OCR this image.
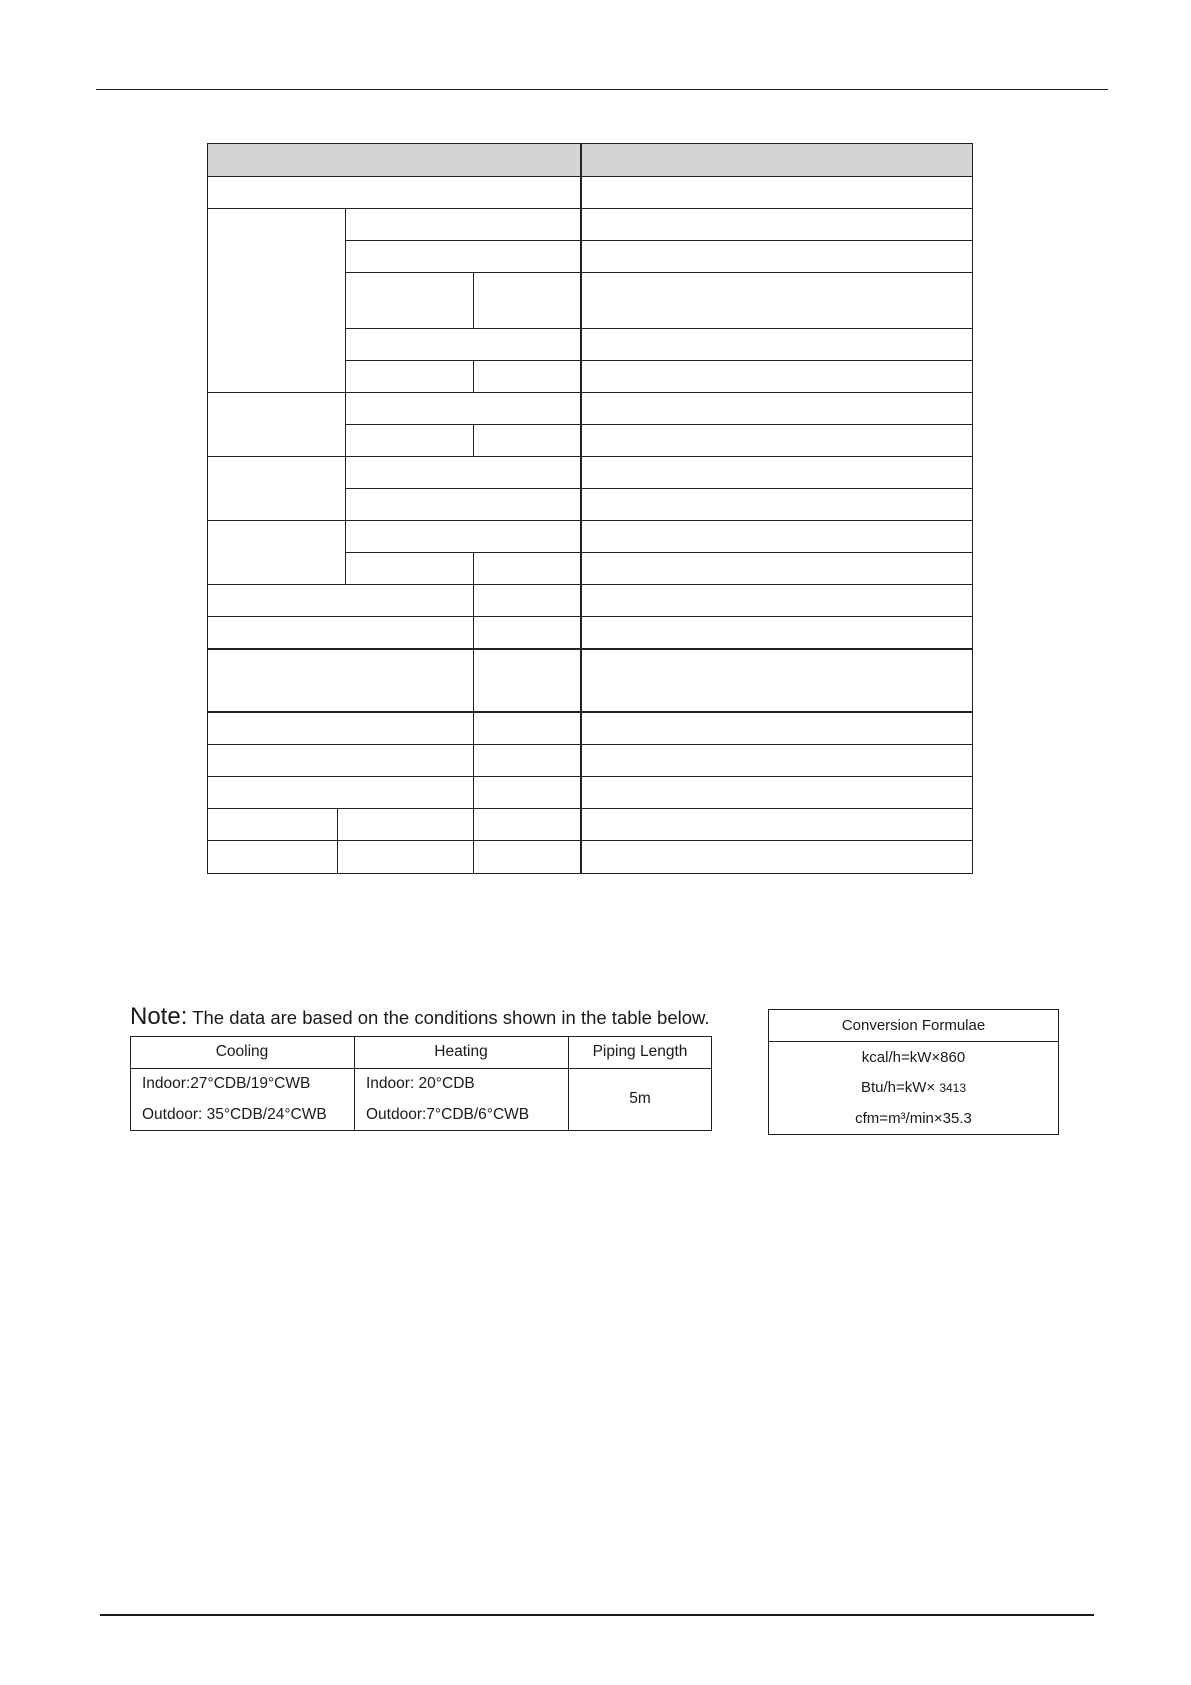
Note: The data are based on the conditions shown in the table below.
Cooling	Heating	Piping Length
Indoor:27°CDB/19°CWB
Outdoor: 35°CDB/24°CWB
Indoor: 20°CDB
Outdoor:7°CDB/6°CWB
5m
Conversion Formulae
kcal/h=kW×860
Btu/h=kW× 3413
cfm=m³/min×35.3
